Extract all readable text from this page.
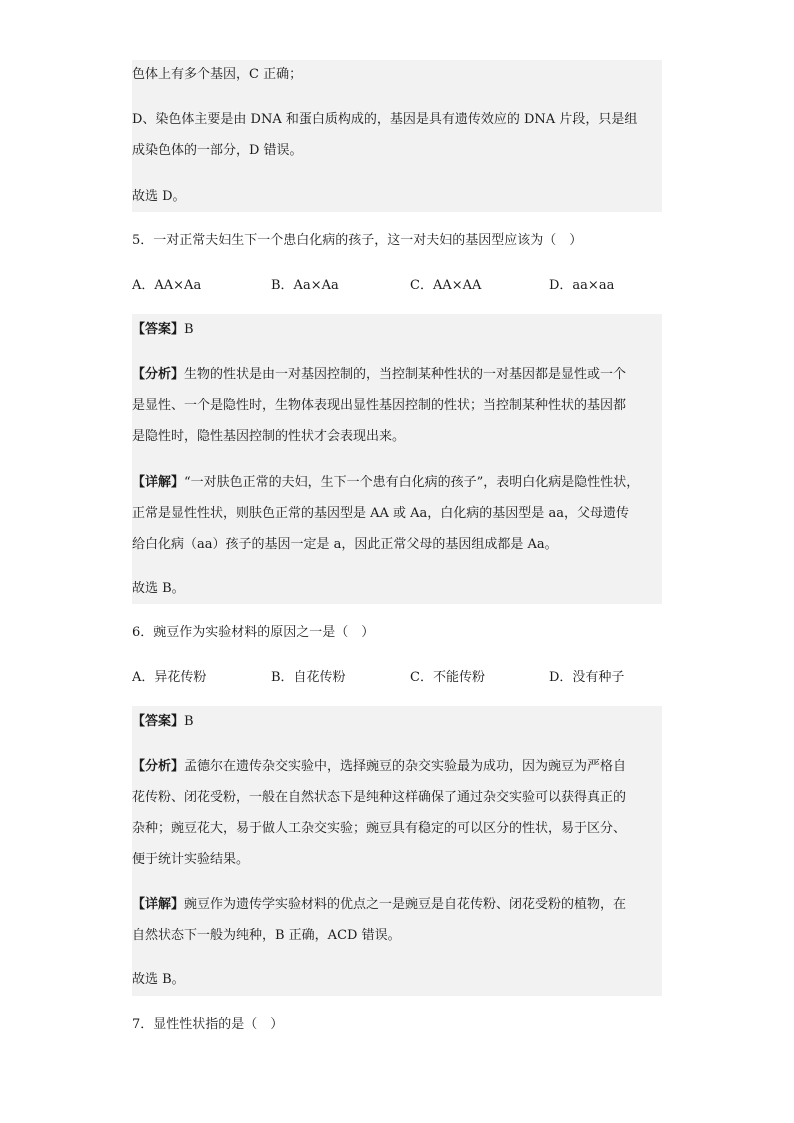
色体上有多个基因，C 正确；
D、染色体主要是由 DNA 和蛋白质构成的，基因是具有遗传效应的 DNA 片段，只是组
成染色体的一部分，D 错误。
故选 D。
5．一对正常夫妇生下一个患白化病的孩子，这一对夫妇的基因型应该为（　）
A．AA×Aa	B．Aa×Aa	C．AA×AA	D．aa×aa
【答案】B
【分析】生物的性状是由一对基因控制的，当控制某种性状的一对基因都是显性或一个
是显性、一个是隐性时，生物体表现出显性基因控制的性状；当控制某种性状的基因都
是隐性时，隐性基因控制的性状才会表现出来。
【详解】“一对肤色正常的夫妇，生下一个患有白化病的孩子”，表明白化病是隐性性状，
正常是显性性状，则肤色正常的基因型是 AA 或 Aa，白化病的基因型是 aa，父母遗传
给白化病（aa）孩子的基因一定是 a，因此正常父母的基因组成都是 Aa。
故选 B。
6．豌豆作为实验材料的原因之一是（　）
A．异花传粉	B．自花传粉	C．不能传粉	D．没有种子
【答案】B
【分析】孟德尔在遗传杂交实验中，选择豌豆的杂交实验最为成功，因为豌豆为严格自
花传粉、闭花受粉，一般在自然状态下是纯种这样确保了通过杂交实验可以获得真正的
杂种；豌豆花大，易于做人工杂交实验；豌豆具有稳定的可以区分的性状，易于区分、
便于统计实验结果。
【详解】豌豆作为遗传学实验材料的优点之一是豌豆是自花传粉、闭花受粉的植物，在
自然状态下一般为纯种，B 正确，ACD 错误。
故选 B。
7．显性性状指的是（　）
